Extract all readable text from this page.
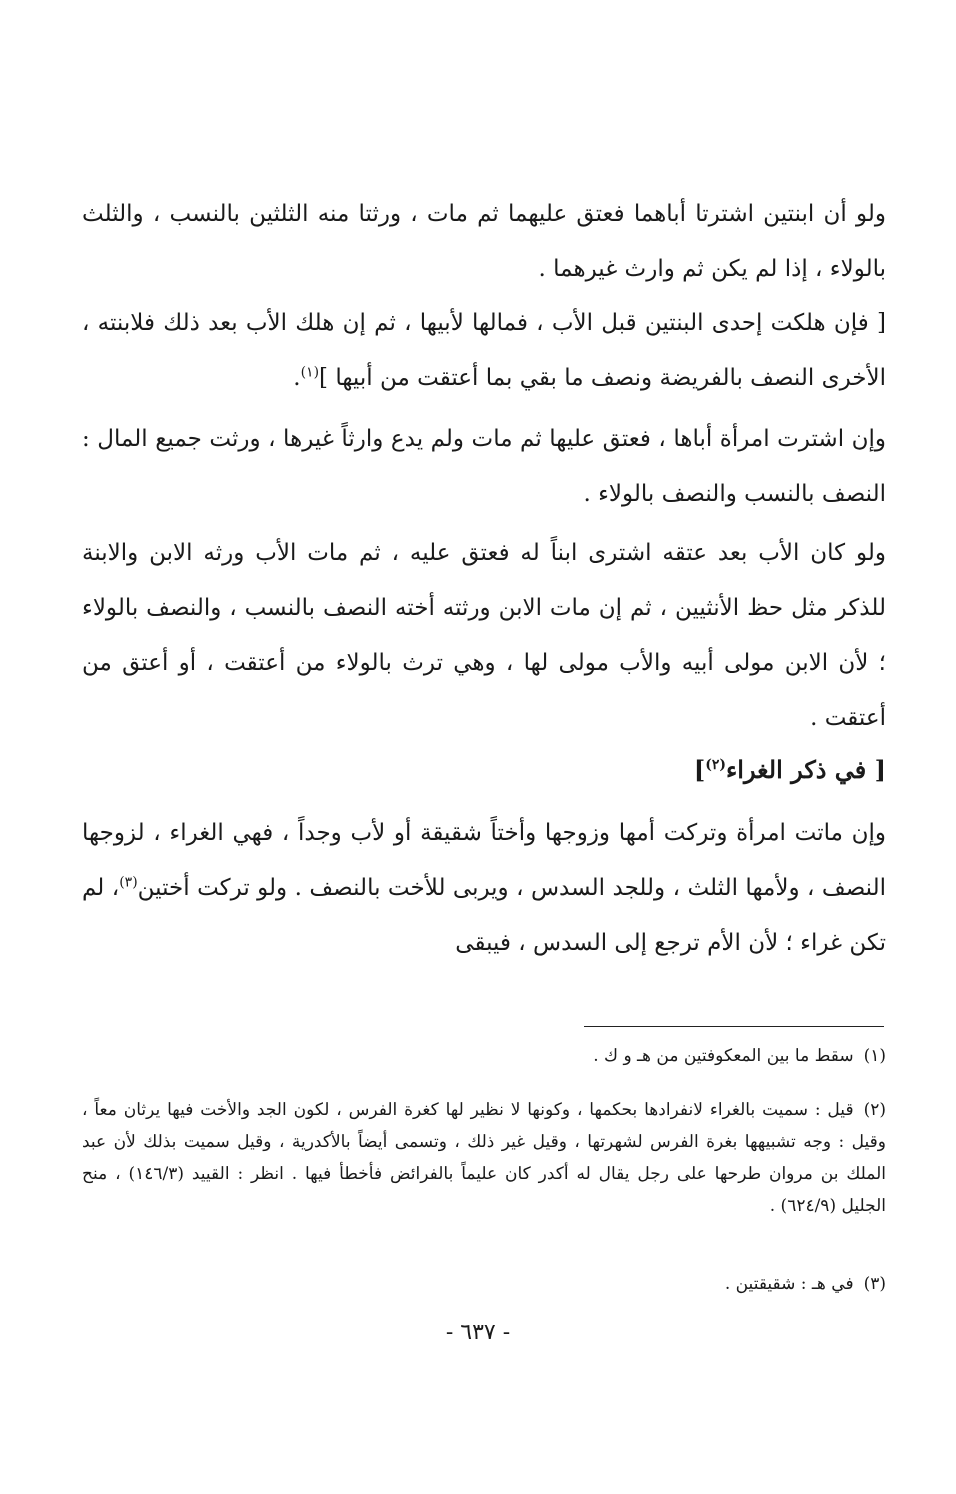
ولو أن ابنتين اشترتا أباهما فعتق عليهما ثم مات ، ورثتا منه الثلثين بالنسب ، والثلث بالولاء ، إذا لم يكن ثم وارث غيرهما .

[ فإن هلكت إحدى البنتين قبل الأب ، فمالها لأبيها ، ثم إن هلك الأب بعد ذلك فلابنته ، الأخرى النصف بالفريضة ونصف ما بقي بما أعتقت من أبيها ]$^{(١)}$.

وإن اشترت امرأة أباها ، فعتق عليها ثم مات ولم يدع وارثاً غيرها ، ورثت جميع المال : النصف بالنسب والنصف بالولاء .

ولو كان الأب بعد عتقه اشترى ابناً له فعتق عليه ، ثم مات الأب ورثه الابن والابنة للذكر مثل حظ الأنثيين ، ثم إن مات الابن ورثته أخته النصف بالنسب ، والنصف بالولاء ؛ لأن الابن مولى أبيه والأب مولى لها ، وهي ترث بالولاء من أعتقت ، أو أعتق من أعتقت .

[ في ذكر الغراء$^{(٢)}$]

وإن ماتت امرأة وتركت أمها وزوجها وأختاً شقيقة أو لأب وجداً ، فهي الغراء ، لزوجها النصف ، ولأمها الثلث ، وللجد السدس ، ويربى للأخت بالنصف . ولو تركت أختين$^{(٣)}$، لم تكن غراء ؛ لأن الأم ترجع إلى السدس ، فيبقى

(١)سقط ما بين المعكوفتين من هـ و ك .

(٢)قيل : سميت بالغراء لانفرادها بحكمها ، وكونها لا نظير لها كغرة الفرس ، لكون الجد والأخت فيها يرثان معاً ، وقيل : وجه تشبيهها بغرة الفرس لشهرتها ، وقيل غير ذلك ، وتسمى أيضاً بالأكدرية ، وقيل سميت بذلك لأن عبد الملك بن مروان طرحها على رجل يقال له أكدر كان عليماً بالفرائض فأخطأ فيها . انظر : القييد (١٤٦/٣) ، منح الجليل (٦٢٤/٩) .

(٣)في هـ : شقيقتين .

- ٦٣٧ -
